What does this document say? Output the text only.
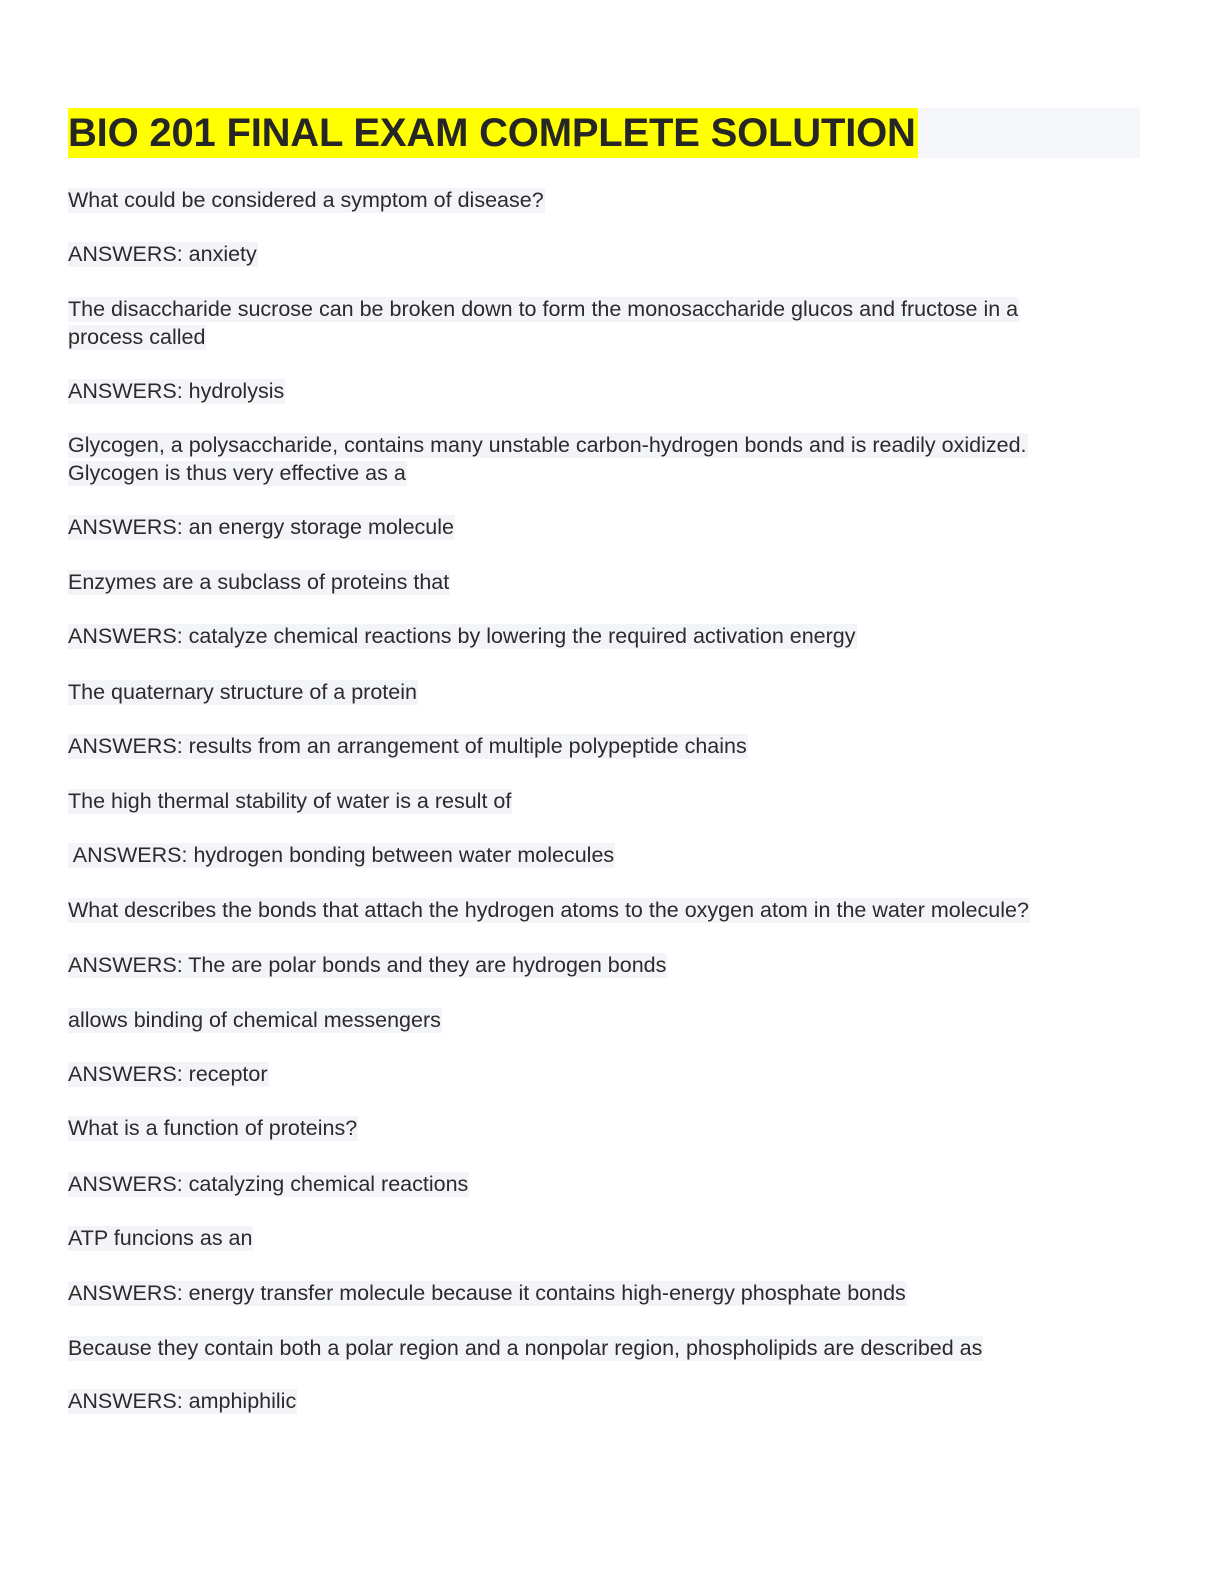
BIO 201 FINAL EXAM COMPLETE SOLUTION
What could be considered a symptom of disease?
ANSWERS: anxiety
The disaccharide sucrose can be broken down to form the monosaccharide glucos and fructose in a
process called
ANSWERS: hydrolysis
Glycogen, a polysaccharide, contains many unstable carbon-hydrogen bonds and is readily oxidized.
Glycogen is thus very effective as a
ANSWERS: an energy storage molecule
Enzymes are a subclass of proteins that
ANSWERS: catalyze chemical reactions by lowering the required activation energy
The quaternary structure of a protein
ANSWERS: results from an arrangement of multiple polypeptide chains
The high thermal stability of water is a result of
ANSWERS: hydrogen bonding between water molecules
What describes the bonds that attach the hydrogen atoms to the oxygen atom in the water molecule?
ANSWERS: The are polar bonds and they are hydrogen bonds
allows binding of chemical messengers
ANSWERS: receptor
What is a function of proteins?
ANSWERS: catalyzing chemical reactions
ATP funcions as an
ANSWERS: energy transfer molecule because it contains high-energy phosphate bonds
Because they contain both a polar region and a nonpolar region, phospholipids are described as
ANSWERS: amphiphilic
